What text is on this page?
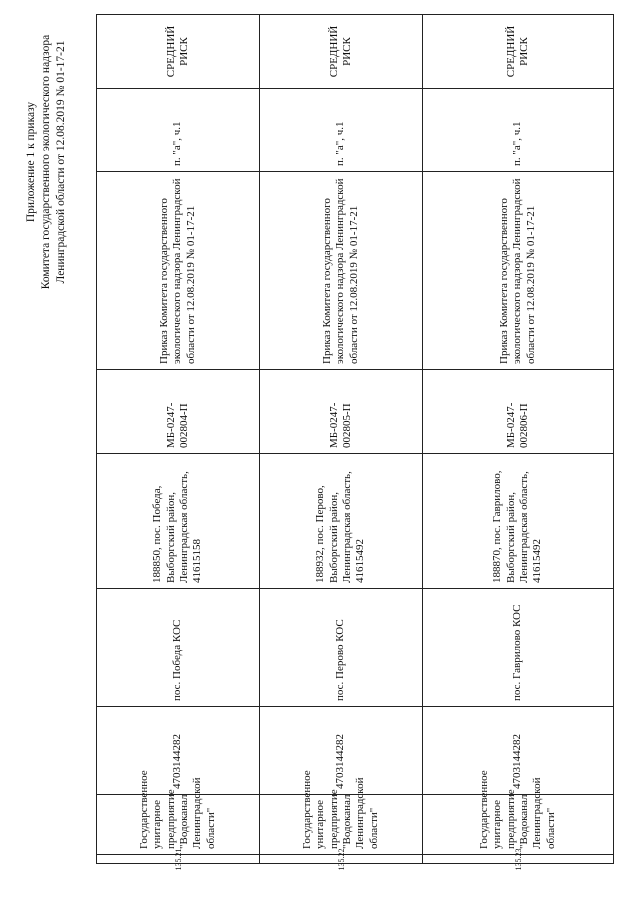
Приложение 1 к приказу Комитета государственного экологического надзора Ленинградской области от 12.08.2019 № 01-17-21	СРЕДНИЙ РИСК
п. "а", ч.1
Приказ Комитета государственного экологического надзора Ленинградской области от 12.08.2019 № 01-17-21
МБ-0247-002804-П
188850, пос. Победа, Выборгский район, Ленинградская область, 41615158
пос. Победа КОС
4703144282
Государственное унитарное предприятие "Водоканал Ленинградской области"
135.21
СРЕДНИЙ РИСК
п. "а", ч.1
Приказ Комитета государственного экологического надзора Ленинградской области от 12.08.2019 № 01-17-21
МБ-0247-002805-П
188932, пос. Перово, Выборгский район, Ленинградская область, 41615492
пос. Перово КОС
4703144282
Государственное унитарное предприятие "Водоканал Ленинградской области"
135.22
СРЕДНИЙ РИСК
п. "а", ч.1
Приказ Комитета государственного экологического надзора Ленинградской области от 12.08.2019 № 01-17-21
МБ-0247-002806-П
188870, пос. Гаврилово, Выборгский район, Ленинградская область, 41615492
пос. Гаврилово КОС
4703144282
Государственное унитарное предприятие "Водоканал Ленинградской области"
135.23
